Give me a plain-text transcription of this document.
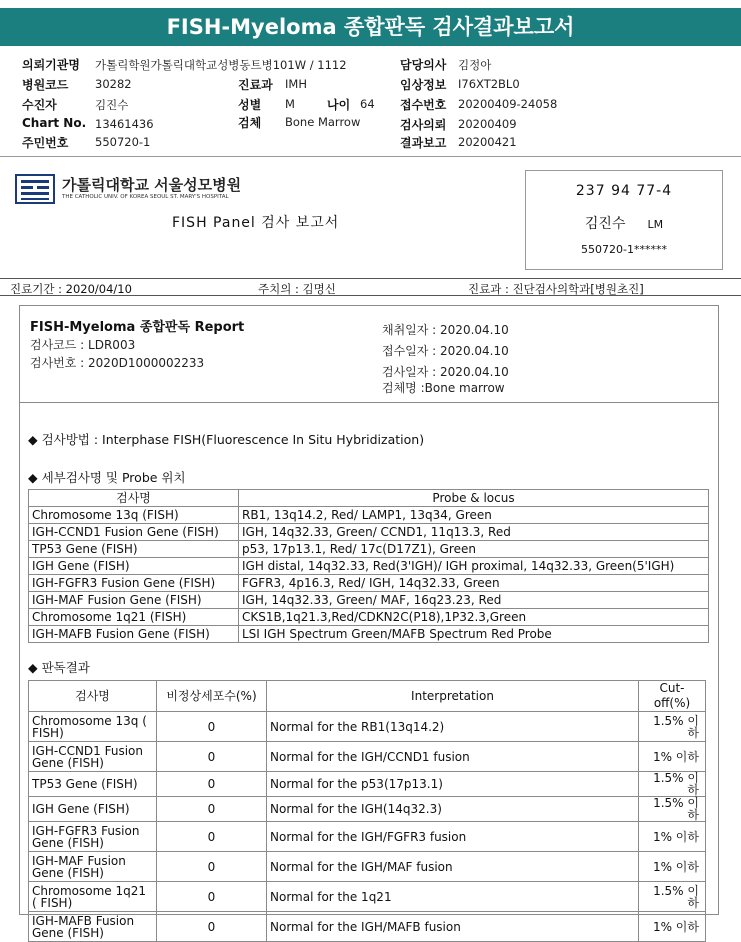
FISH-Myeloma 종합판독 검사결과보고서
의뢰기관명 가톨릭학원가톨릭대학교성병동트병101W / 1112
병원코드 30282
수진자	김진수
Chart No. 13461436
주민번호 550720-1
진료과 IMH
성별 M	나이 64
검체 Bone Marrow
담당의사 김정아
임상정보 I76XT2BL0
접수번호 20200409-24058
검사의뢰 20200409
결과보고 20200421
가톨릭대학교 서울성모병원
THE CATHOLIC UNIV. OF KOREA SEOUL ST. MARY'S HOSPITAL
FISH Panel 검사 보고서
237 94 77-4
김진수 LM
550720-1******
진료기간 : 2020/04/10	주치의 : 김명신	진료과 : 진단검사의학과[병원초진]
FISH-Myeloma 종합판독 Report
검사코드 : LDR003
검사번호 : 2020D1000002233
채취일자 : 2020.04.10
접수일자 : 2020.04.10
검사일자 : 2020.04.10
검체명 :Bone marrow
◆ 검사방법 : Interphase FISH(Fluorescence In Situ Hybridization)
◆ 세부검사명 및 Probe 위치
검사명	Probe & locus
Chromosome 13q (FISH)	RB1, 13q14.2, Red/ LAMP1, 13q34, Green
IGH-CCND1 Fusion Gene (FISH)	IGH, 14q32.33, Green/ CCND1, 11q13.3, Red
TP53 Gene (FISH)	p53, 17p13.1, Red/ 17c(D17Z1), Green
IGH Gene (FISH)	IGH distal, 14q32.33, Red(3'IGH)/ IGH proximal, 14q32.33, Green(5'IGH)
IGH-FGFR3 Fusion Gene (FISH)	FGFR3, 4p16.3, Red/ IGH, 14q32.33, Green
IGH-MAF Fusion Gene (FISH)	IGH, 14q32.33, Green/ MAF, 16q23.23, Red
Chromosome 1q21 (FISH)	CKS1B,1q21.3,Red/CDKN2C(P18),1P32.3,Green
IGH-MAFB Fusion Gene (FISH)	LSI IGH Spectrum Green/MAFB Spectrum Red Probe
◆ 판독결과
검사명	비정상세포수(%)	Interpretation	Cut-off(%)
Chromosome 13q ( FISH)	0	Normal for the RB1(13q14.2)	1.5% 이하
IGH-CCND1 Fusion Gene (FISH)	0	Normal for the IGH/CCND1 fusion	1% 이하
TP53 Gene (FISH)	0	Normal for the p53(17p13.1)	1.5% 이하
IGH Gene (FISH)	0	Normal for the IGH(14q32.3)	1.5% 이하
IGH-FGFR3 Fusion Gene (FISH)	0	Normal for the IGH/FGFR3 fusion	1% 이하
IGH-MAF Fusion Gene (FISH)	0	Normal for the IGH/MAF fusion	1% 이하
Chromosome 1q21 ( FISH)	0	Normal for the 1q21	1.5% 이하
IGH-MAFB Fusion Gene (FISH)	0	Normal for the IGH/MAFB fusion	1% 이하
